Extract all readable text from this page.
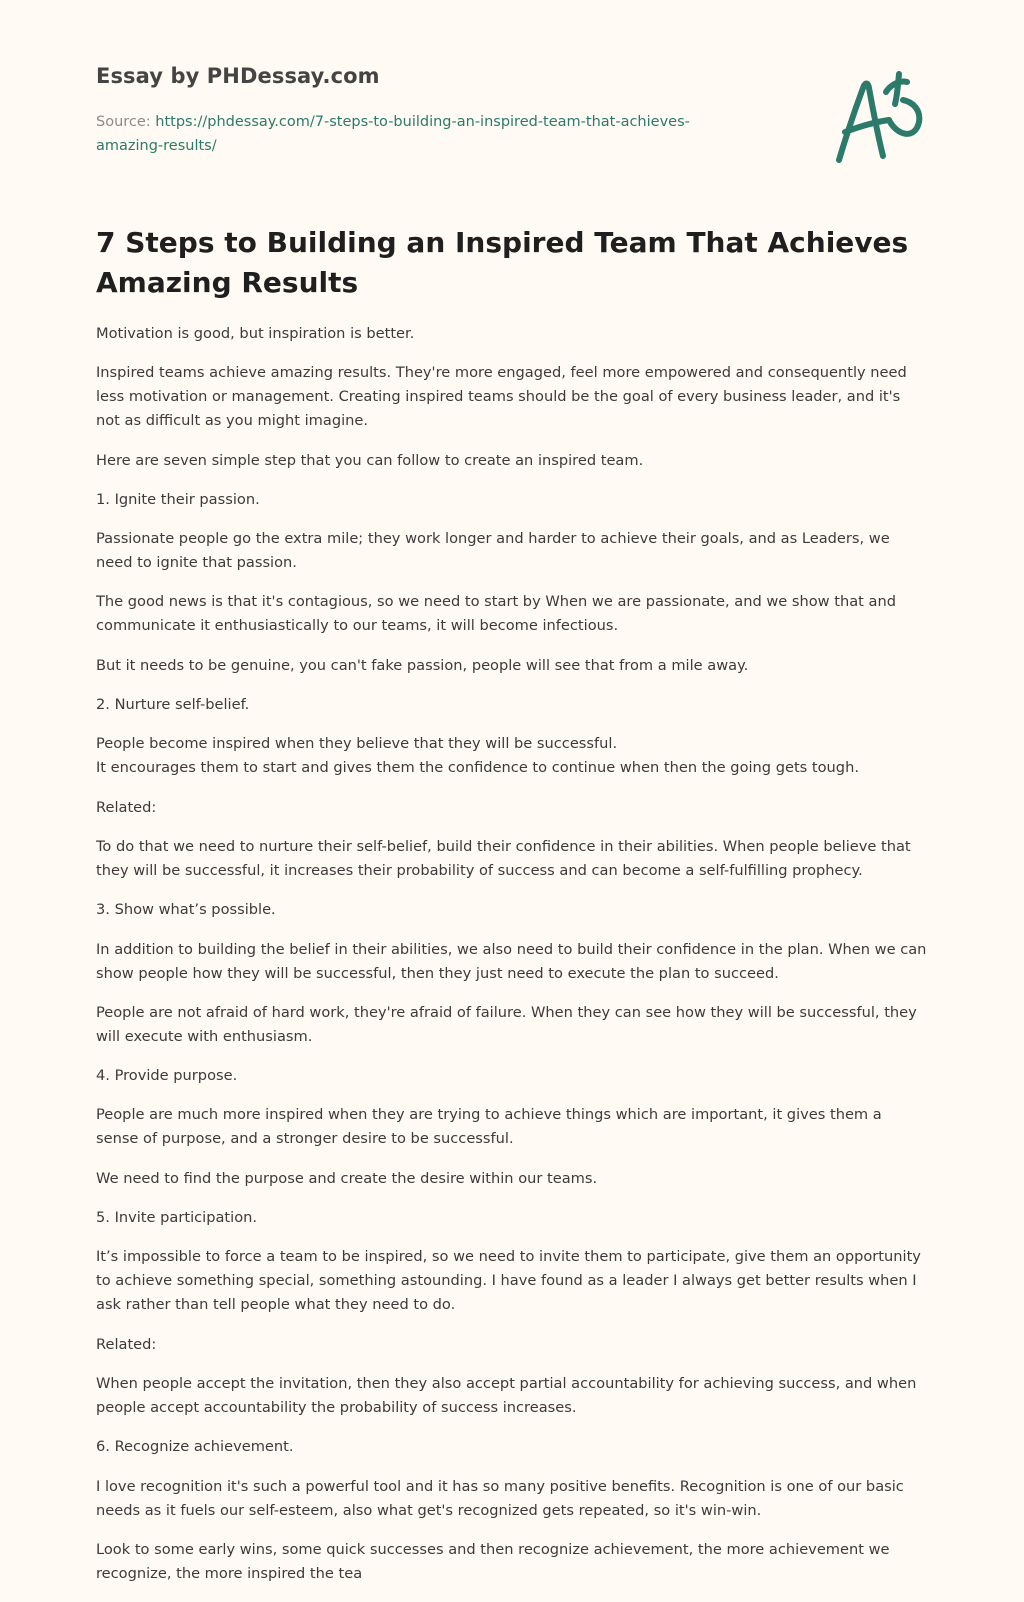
Essay by PHDessay.com
Source: https://phdessay.com/7-steps-to-building-an-inspired-team-that-achieves-amazing-results/
7 Steps to Building an Inspired Team That Achieves Amazing Results

Motivation is good, but inspiration is better.

Inspired teams achieve amazing results. They're more engaged, feel more empowered and consequently need less motivation or management. Creating inspired teams should be the goal of every business leader, and it's not as difficult as you might imagine.

Here are seven simple step that you can follow to create an inspired team.

1. Ignite their passion.

Passionate people go the extra mile; they work longer and harder to achieve their goals, and as Leaders, we need to ignite that passion.

The good news is that it's contagious, so we need to start by When we are passionate, and we show that and communicate it enthusiastically to our teams, it will become infectious.

But it needs to be genuine, you can't fake passion, people will see that from a mile away.

2. Nurture self-belief.

People become inspired when they believe that they will be successful.
It encourages them to start and gives them the confidence to continue when then the going gets tough.

Related:

To do that we need to nurture their self-belief, build their confidence in their abilities. When people believe that they will be successful, it increases their probability of success and can become a self-fulfilling prophecy.

3. Show what’s possible.

In addition to building the belief in their abilities, we also need to build their confidence in the plan. When we can show people how they will be successful, then they just need to execute the plan to succeed.

People are not afraid of hard work, they're afraid of failure. When they can see how they will be successful, they will execute with enthusiasm.

4. Provide purpose.

People are much more inspired when they are trying to achieve things which are important, it gives them a sense of purpose, and a stronger desire to be successful.

We need to find the purpose and create the desire within our teams.

5. Invite participation.

It’s impossible to force a team to be inspired, so we need to invite them to participate, give them an opportunity to achieve something special, something astounding. I have found as a leader I always get better results when I ask rather than tell people what they need to do.

Related:

When people accept the invitation, then they also accept partial accountability for achieving success, and when people accept accountability the probability of success increases.

6. Recognize achievement.

I love recognition it's such a powerful tool and it has so many positive benefits. Recognition is one of our basic needs as it fuels our self-esteem, also what get's recognized gets repeated, so it's win-win.

Look to some early wins, some quick successes and then recognize achievement, the more achievement we recognize, the more inspired the tea
